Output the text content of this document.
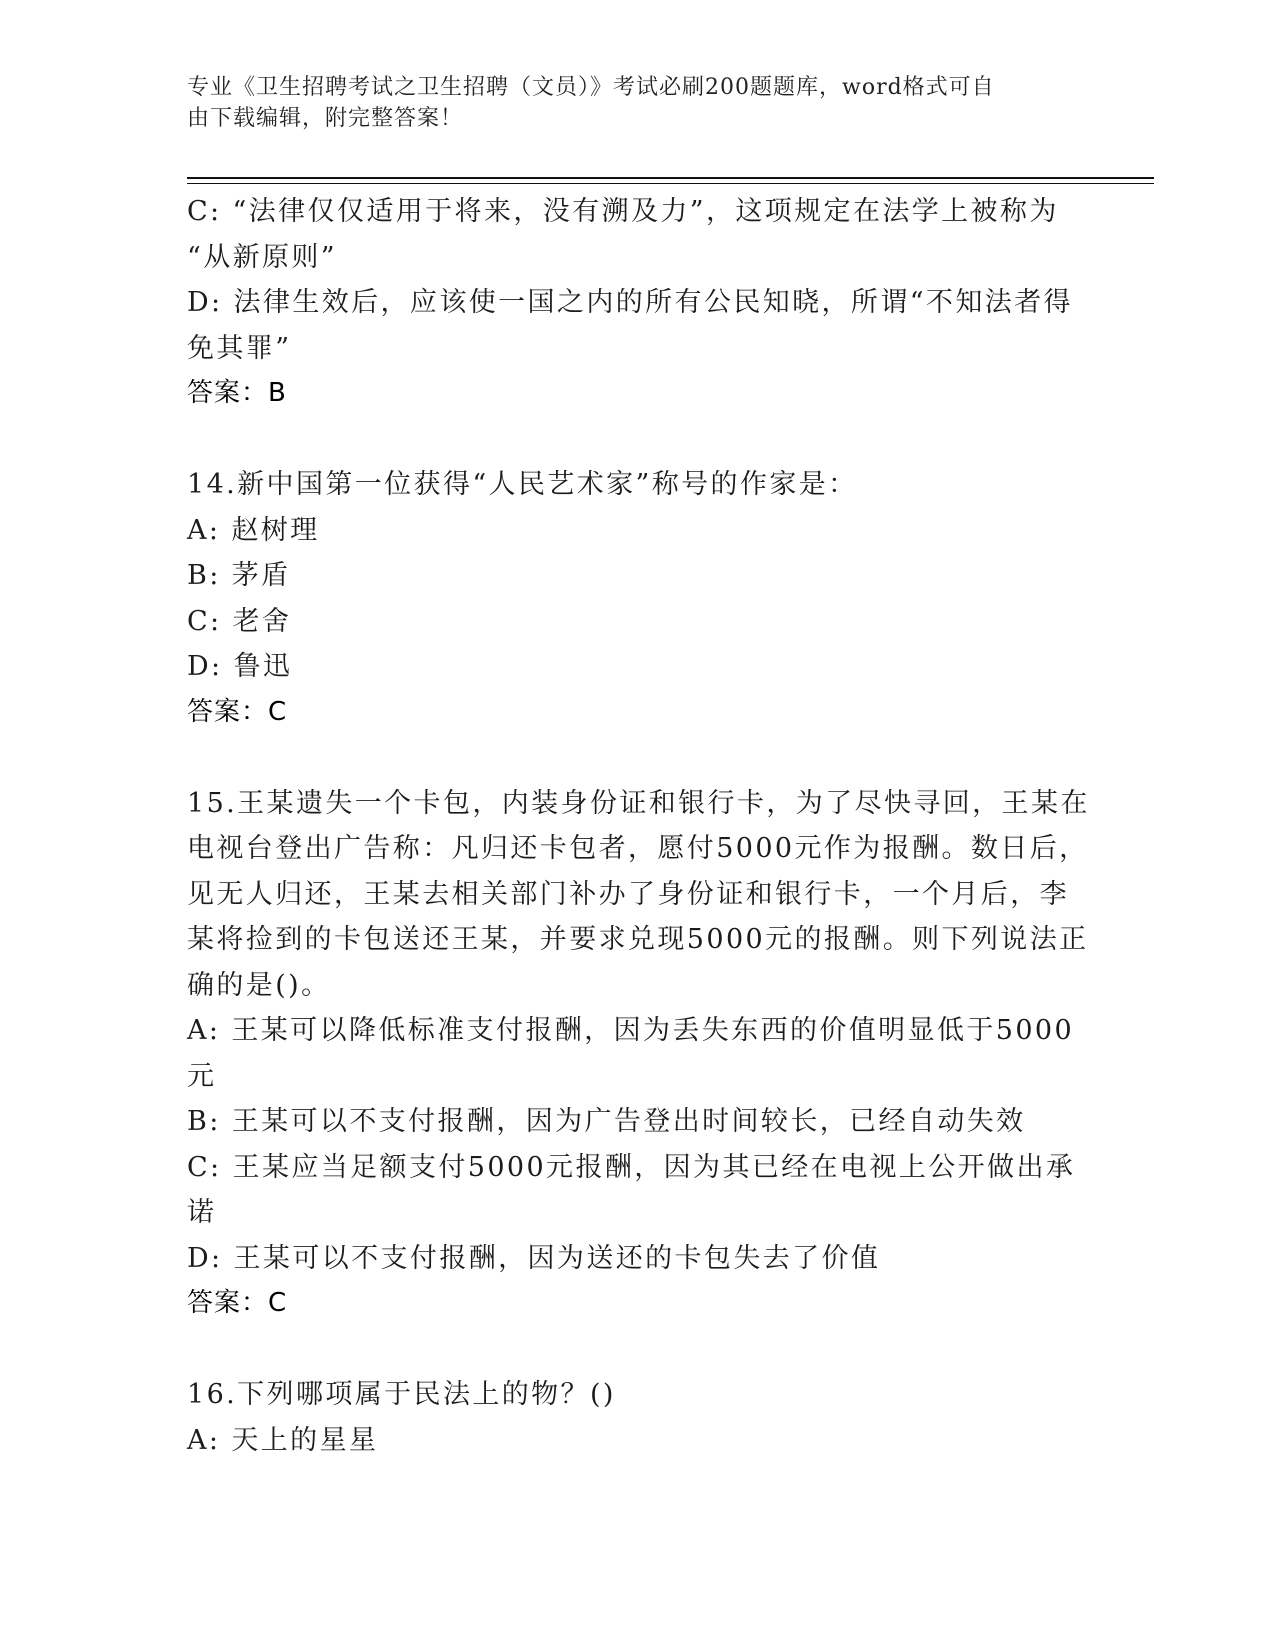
专业《卫生招聘考试之卫生招聘（文员）》考试必刷200题题库，word格式可自
由下载编辑，附完整答案！
C: “法律仅仅适用于将来，没有溯及力”，这项规定在法学上被称为
“从新原则”
D: 法律生效后，应该使一国之内的所有公民知晓，所谓“不知法者得
免其罪”
答案：B
14.新中国第一位获得“人民艺术家”称号的作家是：
A: 赵树理
B: 茅盾
C: 老舍
D: 鲁迅
答案：C
15.王某遗失一个卡包，内装身份证和银行卡，为了尽快寻回，王某在
电视台登出广告称：凡归还卡包者，愿付5000元作为报酬。数日后，
见无人归还，王某去相关部门补办了身份证和银行卡，一个月后，李
某将捡到的卡包送还王某，并要求兑现5000元的报酬。则下列说法正
确的是()。
A: 王某可以降低标准支付报酬，因为丢失东西的价值明显低于5000
元
B: 王某可以不支付报酬，因为广告登出时间较长，已经自动失效
C: 王某应当足额支付5000元报酬，因为其已经在电视上公开做出承
诺
D: 王某可以不支付报酬，因为送还的卡包失去了价值
答案：C
16.下列哪项属于民法上的物？()
A: 天上的星星
